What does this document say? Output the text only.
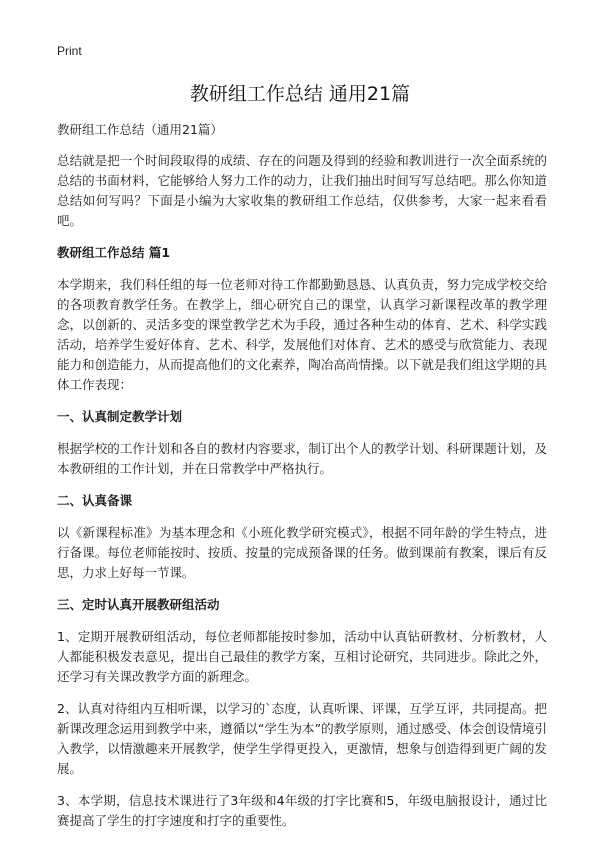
Print
教研组工作总结 通用21篇
教研组工作总结（通用21篇）

总结就是把一个时间段取得的成绩、存在的问题及得到的经验和教训进行一次全面系统的总结的书面材料，它能够给人努力工作的动力，让我们抽出时间写写总结吧。那么你知道总结如何写吗？下面是小编为大家收集的教研组工作总结，仅供参考，大家一起来看看吧。

教研组工作总结 篇1

本学期来，我们科任组的每一位老师对待工作都勤勤恳恳、认真负责，努力完成学校交给的各项教育教学任务。在教学上，细心研究自己的课堂，认真学习新课程改革的教学理念，以创新的、灵活多变的课堂教学艺术为手段，通过各种生动的体育、艺术、科学实践活动，培养学生爱好体育、艺术、科学，发展他们对体育、艺术的感受与欣赏能力、表现能力和创造能力，从而提高他们的文化素养，陶冶高尚情操。以下就是我们组这学期的具体工作表现：

一、认真制定教学计划

根据学校的工作计划和各自的教材内容要求，制订出个人的教学计划、科研课题计划，及本教研组的工作计划，并在日常教学中严格执行。

二、认真备课

以《新课程标准》为基本理念和《小班化教学研究模式》，根据不同年龄的学生特点，进行备课。每位老师能按时、按质、按量的完成预备课的任务。做到课前有教案，课后有反思，力求上好每一节课。

三、定时认真开展教研组活动

1、定期开展教研组活动，每位老师都能按时参加，活动中认真钻研教材、分析教材，人人都能积极发表意见，提出自己最佳的教学方案，互相讨论研究，共同进步。除此之外，还学习有关课改教学方面的新理念。

2、认真对待组内互相听课，以学习的`态度，认真听课、评课，互学互评，共同提高。把新课改理念运用到教学中来，遵循以“学生为本”的教学原则，通过感受、体会创设情境引入教学，以情激趣来开展教学，使学生学得更投入，更激情，想象与创造得到更广阔的发展。

3、本学期，信息技术课进行了3年级和4年级的打字比赛和5，年级电脑报设计，通过比赛提高了学生的打字速度和打字的重要性。
